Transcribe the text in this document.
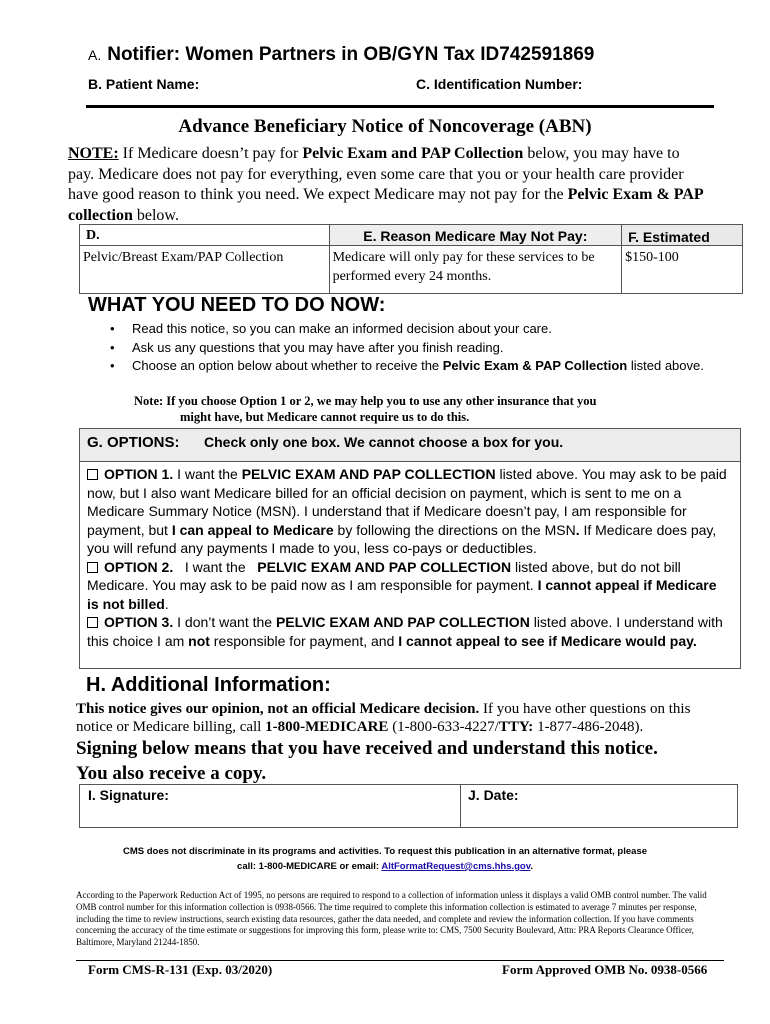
A. Notifier: Women Partners in OB/GYN Tax ID742591869
B. Patient Name:	C. Identification Number:
Advance Beneficiary Notice of Noncoverage (ABN)
NOTE: If Medicare doesn’t pay for Pelvic Exam and PAP Collection below, you may have to pay. Medicare does not pay for everything, even some care that you or your health care provider have good reason to think you need. We expect Medicare may not pay for the Pelvic Exam & PAP collection below.
D.	E. Reason Medicare May Not Pay:	F. Estimated
Pelvic/Breast Exam/PAP Collection	Medicare will only pay for these services to be performed every 24 months.	$150-100
WHAT YOU NEED TO DO NOW:
• Read this notice, so you can make an informed decision about your care.
• Ask us any questions that you may have after you finish reading.
• Choose an option below about whether to receive the Pelvic Exam & PAP Collection listed above.
Note: If you choose Option 1 or 2, we may help you to use any other insurance that you
might have, but Medicare cannot require us to do this.
G. OPTIONS: Check only one box. We cannot choose a box for you.
OPTION 1. I want the PELVIC EXAM AND PAP COLLECTION listed above. You may ask to be paid now, but I also want Medicare billed for an official decision on payment, which is sent to me on a Medicare Summary Notice (MSN). I understand that if Medicare doesn’t pay, I am responsible for payment, but I can appeal to Medicare by following the directions on the MSN. If Medicare does pay, you will refund any payments I made to you, less co-pays or deductibles.
OPTION 2.   I want the   PELVIC EXAM AND PAP COLLECTION listed above, but do not bill Medicare. You may ask to be paid now as I am responsible for payment. I cannot appeal if Medicare is not billed.
OPTION 3. I don’t want the PELVIC EXAM AND PAP COLLECTION listed above. I understand with this choice I am not responsible for payment, and I cannot appeal to see if Medicare would pay.
H. Additional Information:
This notice gives our opinion, not an official Medicare decision. If you have other questions on this notice or Medicare billing, call 1-800-MEDICARE (1-800-633-4227/TTY: 1-877-486-2048).
Signing below means that you have received and understand this notice.
You also receive a copy.
I. Signature:	J. Date:
CMS does not discriminate in its programs and activities. To request this publication in an alternative format, please
call: 1-800-MEDICARE or email: AltFormatRequest@cms.hhs.gov.
According to the Paperwork Reduction Act of 1995, no persons are required to respond to a collection of information unless it displays a valid OMB control number. The valid OMB control number for this information collection is 0938-0566. The time required to complete this information collection is estimated to average 7 minutes per response, including the time to review instructions, search existing data resources, gather the data needed, and complete and review the information collection. If you have comments concerning the accuracy of the time estimate or suggestions for improving this form, please write to: CMS, 7500 Security Boulevard, Attn: PRA Reports Clearance Officer, Baltimore, Maryland 21244-1850.
Form CMS-R-131 (Exp. 03/2020)	Form Approved OMB No. 0938-0566
